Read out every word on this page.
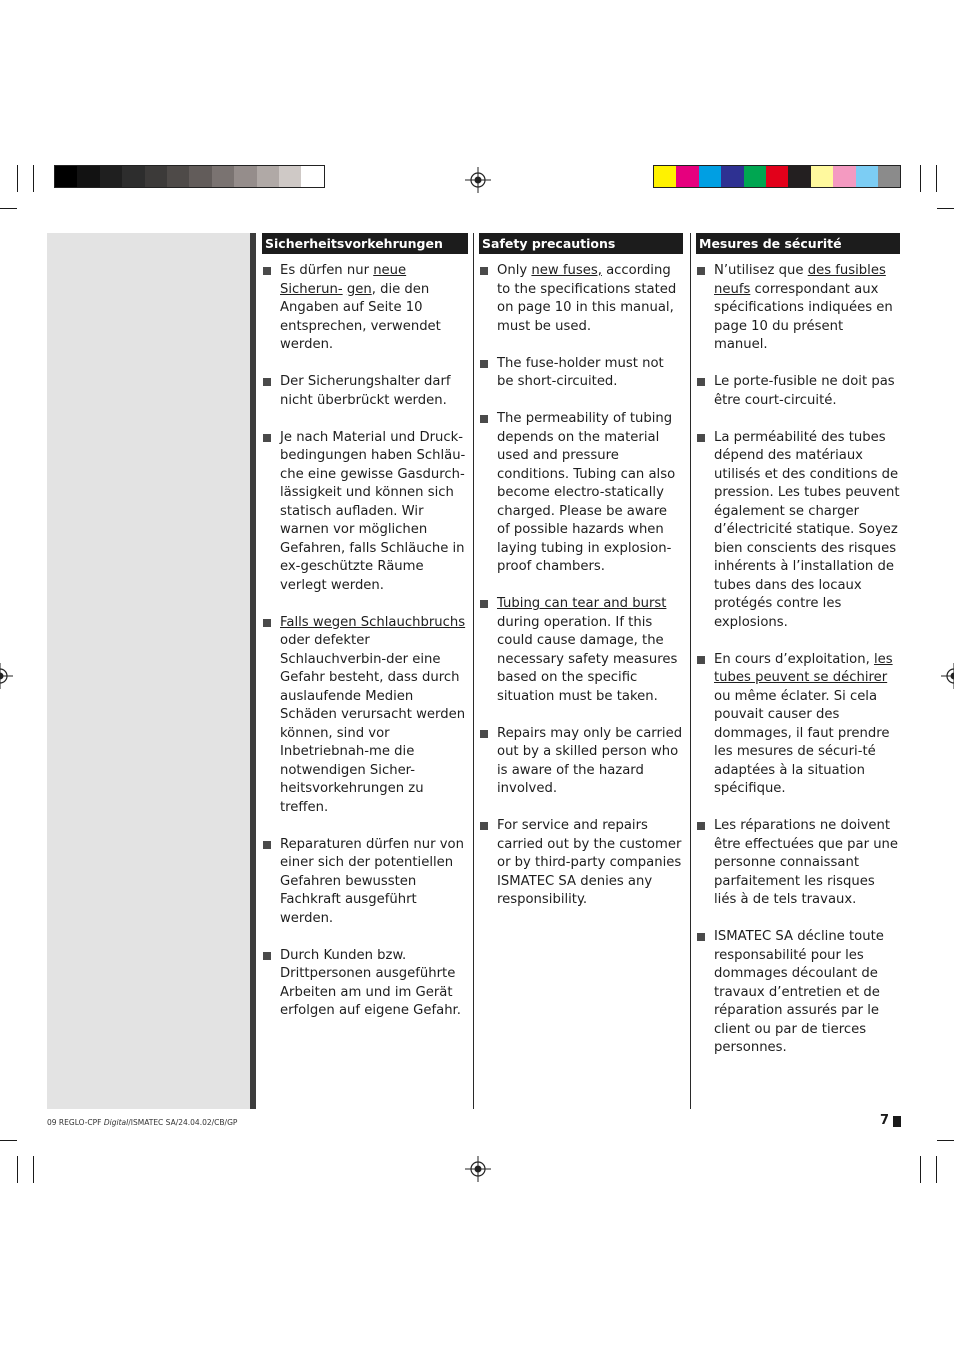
Sicherheitsvorkehrungen
Es dürfen nur neue Sicherun- gen, die den Angaben auf Seite 10 entsprechen, verwendet werden.
Der Sicherungshalter darf nicht überbrückt werden.
Je nach Material und Druck-bedingungen haben Schläu-che eine gewisse Gasdurch-lässigkeit und können sich statisch aufladen. Wir warnen vor möglichen Gefahren, falls Schläuche in ex-geschützte Räume verlegt werden.
Falls wegen Schlauchbruchs oder defekter Schlauchverbin-der eine Gefahr besteht, dass durch auslaufende Medien Schäden verursacht werden können, sind vor Inbetriebnah-me die notwendigen Sicher-heitsvorkehrungen zu treffen.
Reparaturen dürfen nur von einer sich der potentiellen Gefahren bewussten Fachkraft ausgeführt werden.
Durch Kunden bzw. Drittpersonen ausgeführte Arbeiten am und im Gerät erfolgen auf eigene Gefahr.
Safety precautions
Only new fuses, according to the specifications stated on page 10 in this manual, must be used.
The fuse-holder must not be short-circuited.
The permeability of tubing depends on the material used and pressure conditions. Tubing can also become electro-statically charged. Please be aware of possible hazards when laying tubing in explosion-proof chambers.
Tubing can tear and burst during operation. If this could cause damage, the necessary safety measures based on the specific situation must be taken.
Repairs may only be carried out by a skilled person who is aware of the hazard involved.
For service and repairs carried out by the customer or by third-party companies ISMATEC SA denies any responsibility.
Mesures de sécurité
N’utilisez que des fusibles neufs correspondant aux spécifications indiquées en page 10 du présent manuel.
Le porte-fusible ne doit pas être court-circuité.
La perméabilité des tubes dépend des matériaux utilisés et des conditions de pression. Les tubes peuvent également se charger d’électricité statique. Soyez bien conscients des risques inhérents à l’installation de tubes dans des locaux protégés contre les explosions.
En cours d’exploitation, les tubes peuvent se déchirer ou même éclater. Si cela pouvait causer des dommages, il faut prendre les mesures de sécuri-té adaptées à la situation spécifique.
Les réparations ne doivent être effectuées que par une personne connaissant parfaitement les risques liés à de tels travaux.
ISMATEC SA décline toute responsabilité pour les dommages découlant de travaux d’entretien et de réparation assurés par le client ou par de tierces personnes.
09 REGLO-CPF Digital/ISMATEC SA/24.04.02/CB/GP	7
